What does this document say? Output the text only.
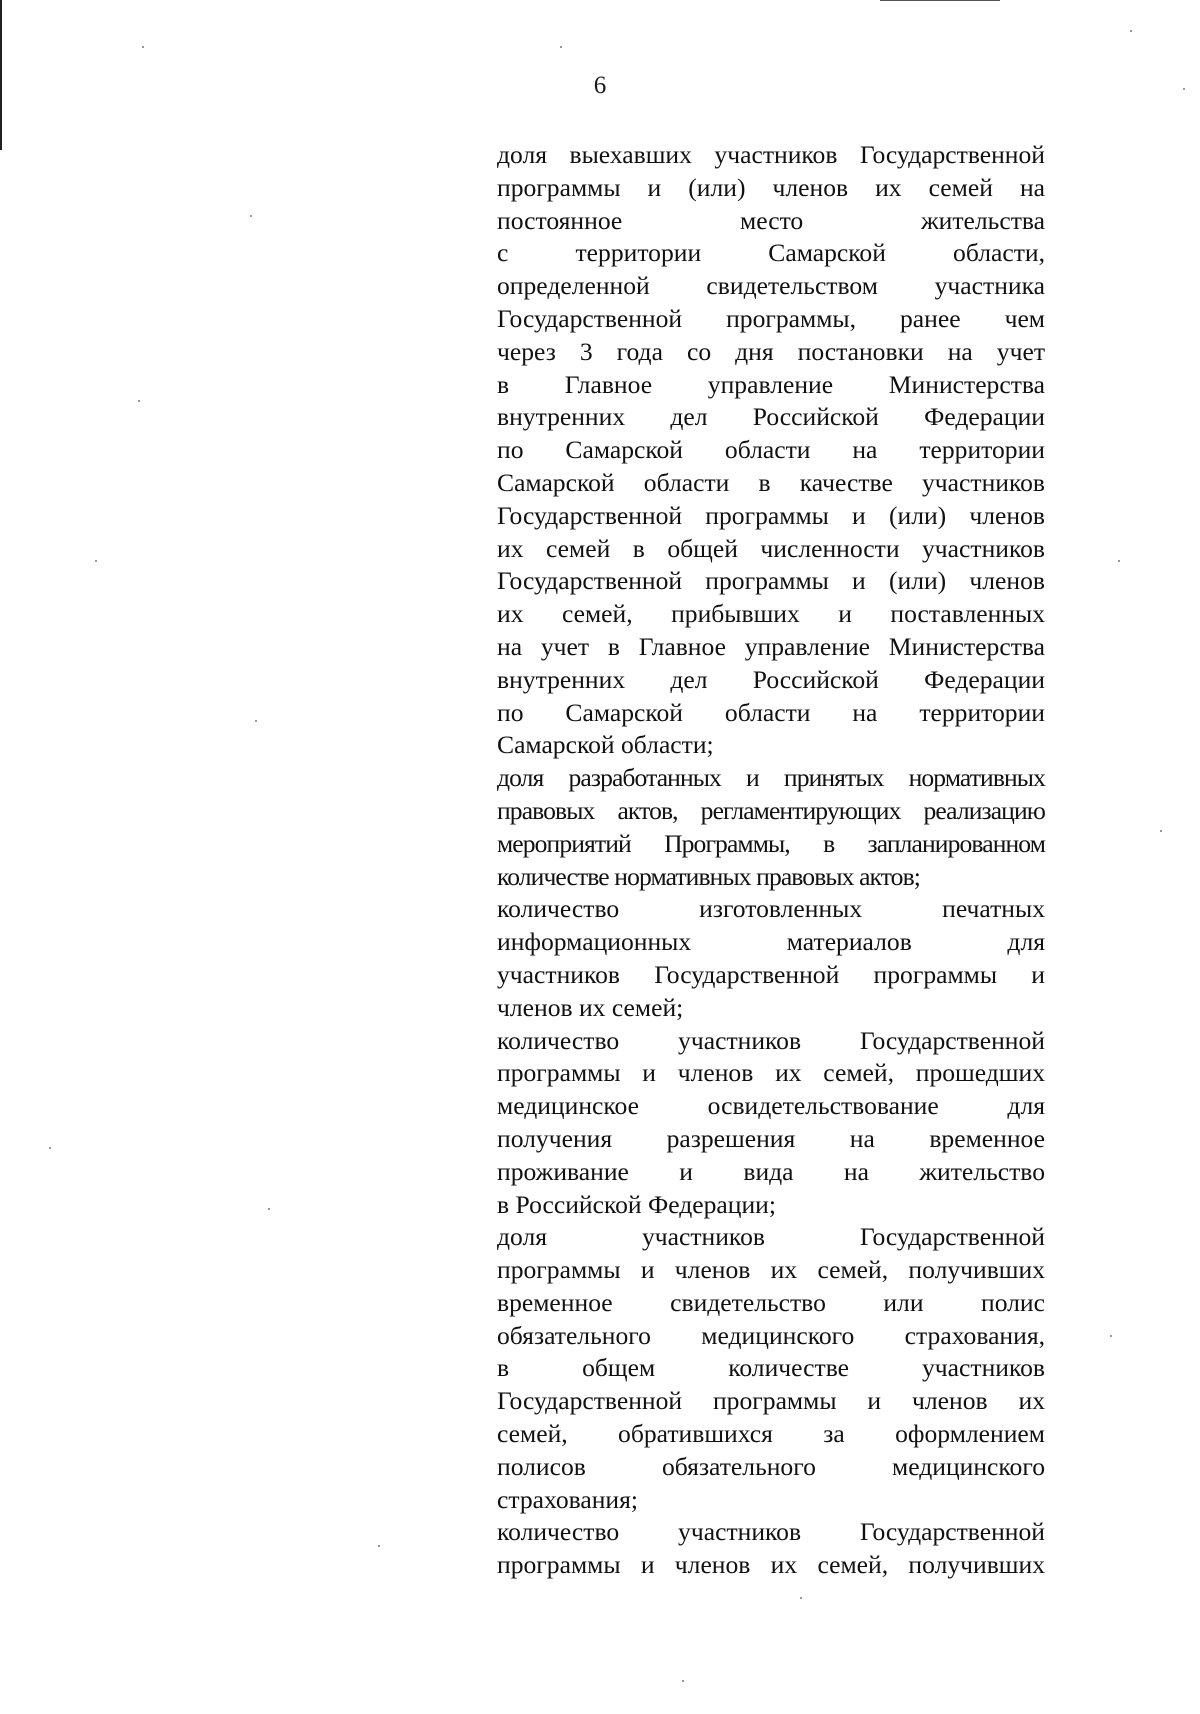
6

доля выехавших участников Государственной
программы и (или) членов их семей на
постоянное место жительства
с территории Самарской области,
определенной свидетельством участника
Государственной программы, ранее чем
через 3 года со дня постановки на учет
в Главное управление Министерства
внутренних дел Российской Федерации
по Самарской области на территории
Самарской области в качестве участников
Государственной программы и (или) членов
их семей в общей численности участников
Государственной программы и (или) членов
их семей, прибывших и поставленных
на учет в Главное управление Министерства
внутренних дел Российской Федерации
по Самарской области на территории
Самарской области;

доля разработанных и принятых нормативных
правовых актов, регламентирующих реализацию
мероприятий Программы, в запланированном
количестве нормативных правовых актов;

количество изготовленных печатных
информационных материалов для
участников Государственной программы и
членов их семей;

количество участников Государственной
программы и членов их семей, прошедших
медицинское освидетельствование для
получения разрешения на временное
проживание и вида на жительство
в Российской Федерации;

доля участников Государственной
программы и членов их семей, получивших
временное свидетельство или полис
обязательного медицинского страхования,
в общем количестве участников
Государственной программы и членов их
семей, обратившихся за оформлением
полисов обязательного медицинского
страхования;

количество участников Государственной
программы и членов их семей, получивших
